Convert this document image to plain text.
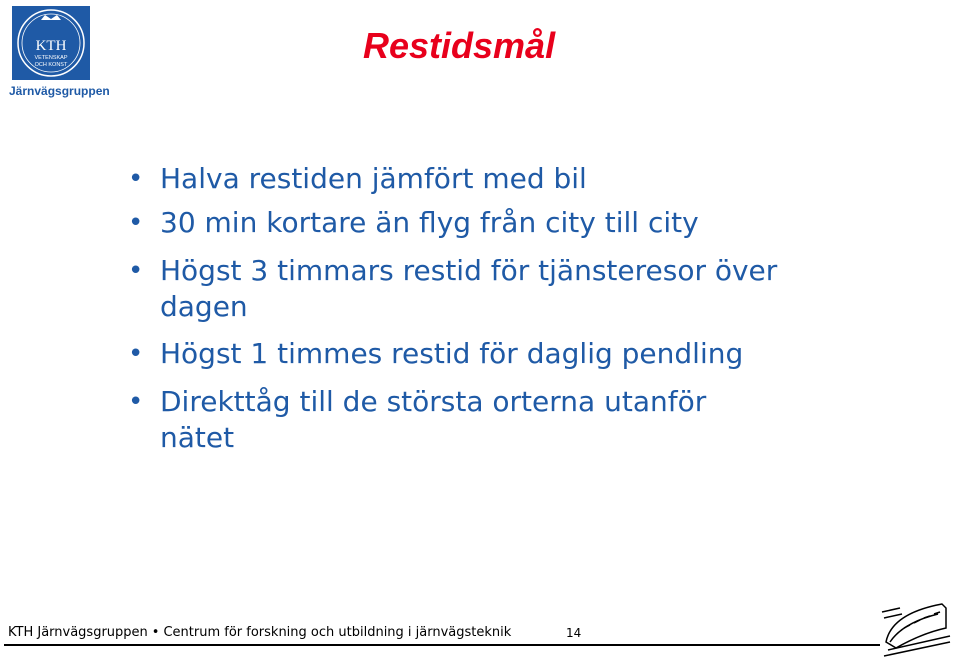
KTH
VETENSKAP
OCH KONST
Järnvägsgruppen
Restidsmål
• Halva restiden jämfört med bil
• 30 min kortare än flyg från city till city
• Högst 3 timmars restid för tjänsteresor över dagen
• Högst 1 timmes restid för daglig pendling
• Direkttåg till de största orterna utanför nätet
KTH Järnvägsgruppen • Centrum för forskning och utbildning i järnvägsteknik	14
